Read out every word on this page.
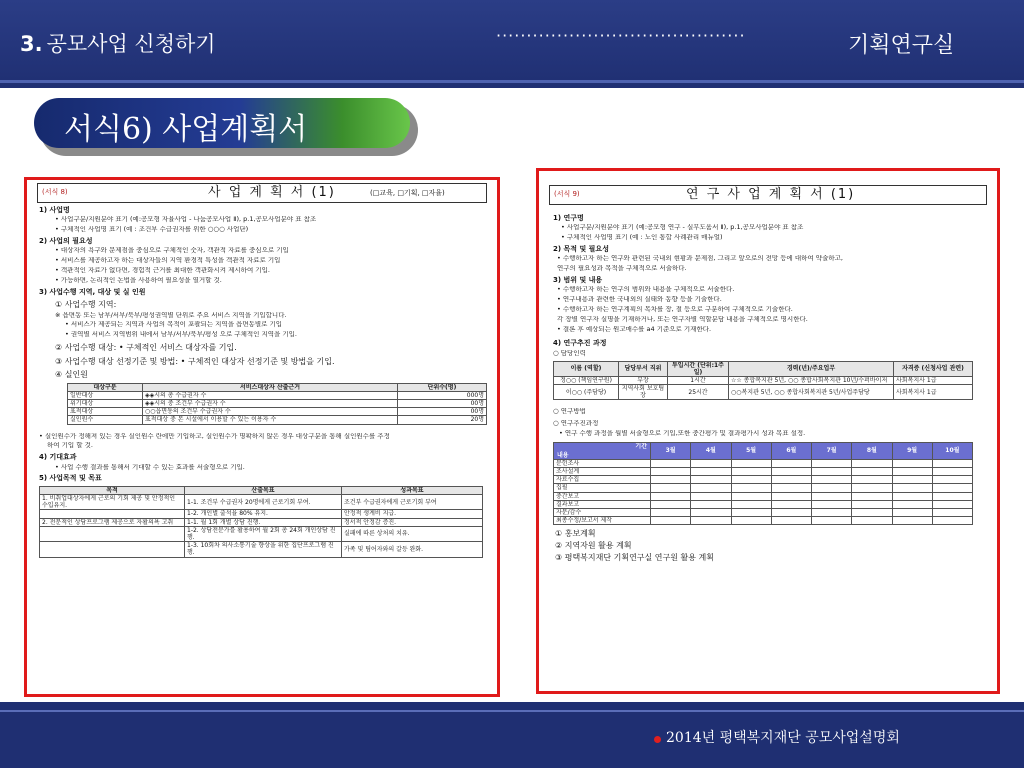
3. 공모사업 신청하기	·········································	기획연구실
서식6) 사업계획서
(서식 8)	사 업 계 획 서 (1)	(□교육, □기획, □자율)
1) 사업명
• 사업구분/지원분야 표기 (예:공모형 자율사업 - 나눔공모사업 Ⅱ), p.1,공모사업분야 표 참조
• 구체적인 사업명 표기 (예 : 조건부 수급권자를 위한 ○○○ 사업단)
2) 사업의 필요성
• 대상자의 욕구와 문제점을 중심으로 구체적인 숫자, 객관적 자료를 중심으로 기입
• 서비스를 제공하고자 하는 대상자들의 지역 환경적 특성을 객관적 자료로 기입
• 객관적인 자료가 없다면, 경험적 근거를 최대한 객관화시켜 제시하여 기입.
• 가능하면, 논리적인 논법을 사용하여 필요성을 열거할 것.
3) 사업수행 지역, 대상 및 실 인원
① 사업수행 지역:
※ 읍면동 또는 남부/서부/북부/평성권역별 단위로 주요 서비스 지역을 기입합니다.
• 서비스가 제공되는 지역과 사업의 목적이 포괄되는 지역을 읍면동별로 기입
• 권역별 서비스 지역범위 내에서 남부/서부/북부/평성 으로 구체적인 지역을 기입.
② 사업수행 대상: • 구체적인 서비스 대상자를 기입.
③ 사업수행 대상 선정기준 및 방법: • 구체적인 대상자 선정기준 및 방법을 기입.
④ 실인원
대상구분	서비스대상자 산출근거	단위수(명)
일반대상	◈◈시의 총 수급권자 수	000명
위기대상	◈◈시의 중 조건부 수급권자 수	00명
표적대상	○○읍면동의 조건부 수급권자 수	00명
실인원수	표적대상 중 본 시설에서 이용할 수 있는 이용자 수	20명
• 실인원수가 정해져 있는 경우 실인원수 란에만 기입하고, 실인원수가 명확하지 않은 경우 대상구분을 통해 실인원수를 추정
하여 기입 할 것.
4) 기대효과
• 사업 수행 결과를 통해서 기대할 수 있는 효과를 서술형으로 기입.
5) 사업목적 및 목표
목적	산출목표	성과목표
1. 비취업대상자에게 근로의 기회 제공 및 안정적인 수입유지.	1-1. 조건부 수급권자 20명에게 근로기회 부여.	조건부 수급권자에게 근로기회 부여
	1-2. 개인별 출석율 80% 유지.	안정적 생계비 지급.
2. 전문적인 상담프로그램 제공으로 자활의욕 고취	1-1. 월 1회 개별 상담 진행.	정서적 안정감 증진.
	1-2. 상담전문가를 활용하여 월 2회 총 24회 개인상담 진행.	실패에 따른 상처의 치유.
	1-3. 10회차 의사소통기술 향상을 위한 집단프로그램 진행.	가족 및 팀어자와의 갈등 완화.
(서식 9)	연 구 사 업 계 획 서 (1)
1) 연구명
• 사업구분/지원분야 표기 (예:공모형 연구 - 실무도움서 Ⅱ), p.1,공모사업분야 표 참조
• 구체적인 사업명 표기 (예 : 노인 통합 사례관리 매뉴얼)
2) 목적 및 필요성
• 수행하고자 하는 연구와 관련된 국내외 현황과 문제점, 그리고 앞으로의 전망 등에 대하여 약술하고,
연구의 필요성과 목적을 구체적으로 서술하다.
3) 범위 및 내용
• 수행하고자 하는 연구의 범위와 내용을 구체적으로 서술한다.
• 연구내용과 관련한 국내외의 실태와 동향 등을 기술한다.
• 수행하고자 하는 연구계획의 목차를 장, 절 등으로 구분하여 구체적으로 기술한다.
각 장별 연구자 실명을 기재하거나, 또는 연구자별 역할분담 내용을 구체적으로 명시한다.
• 결론 후 예상되는 원고매수를 a4 기준으로 기재한다.
4) 연구추진 과정
○ 담당인력
이름 (역할)	담당부서 직위	투입시간 (단위:1주일)	경력(년)/주요업무	자격증 (신청사업 관련)
정○○ (책임연구원)	부장	1시간	☆☆ 종합복지관 5년, ○○ 종합사회복지관 10년/수퍼바이저	사회복지사 1급
이○○ (주담당)	지역사회 보호팀장	25시간	○○복지관 5년, ○○ 종합사회복지관 5년/사업주담당	사회복지사 1급
○ 연구방법
○ 연구추진과정
• 연구 수행 과정을 월별 서술형으로 기입,또한 중간평가 및 결과평가시 성과 목표 설정.
기간
내용	3월	4월	5월	6월	7월	8월	9월	10월
문헌조사								
조사설계								
자료수집								
집필								
중간보고								
결과보고								
자문/감수								
최종수정/보고서 제작								
① 홍보계획
② 지역자원 활용 계획
③ 평택복지재단 기획연구실 연구원 활용 계획
2014년 평택복지재단 공모사업설명회
